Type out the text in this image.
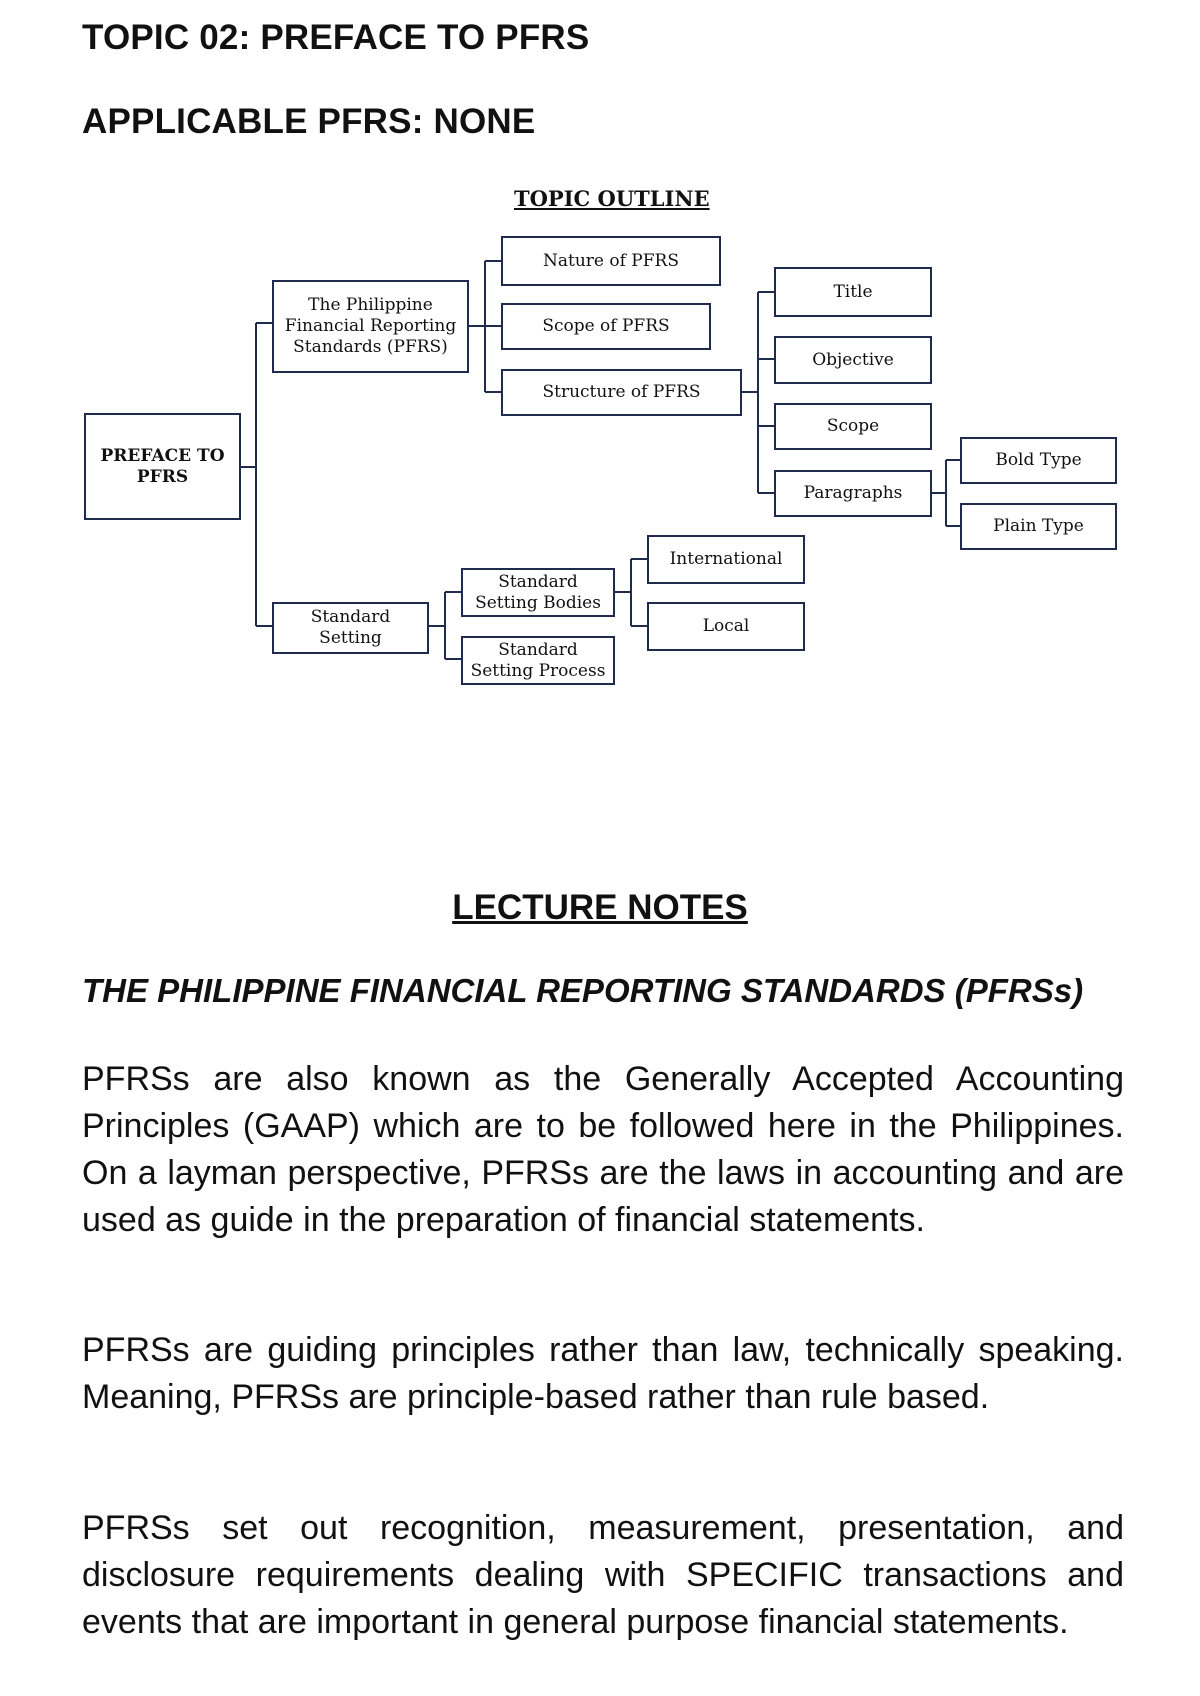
TOPIC 02: PREFACE TO PFRS
APPLICABLE PFRS: NONE
TOPIC OUTLINE
PREFACE TO PFRS
The Philippine Financial Reporting Standards (PFRS)
Nature of PFRS
Scope of PFRS
Structure of PFRS
Title
Objective
Scope
Paragraphs
Bold Type
Plain Type
Standard Setting
Standard Setting Bodies
Standard Setting Process
International
Local
LECTURE NOTES
THE PHILIPPINE FINANCIAL REPORTING STANDARDS (PFRSs)

PFRSs are also known as the Generally Accepted Accounting Principles (GAAP) which are to be followed here in the Philippines. On a layman perspective, PFRSs are the laws in accounting and are used as guide in the preparation of financial statements.

PFRSs are guiding principles rather than law, technically speaking. Meaning, PFRSs are principle-based rather than rule based.

PFRSs set out recognition, measurement, presentation, and disclosure requirements dealing with SPECIFIC transactions and events that are important in general purpose financial statements.
